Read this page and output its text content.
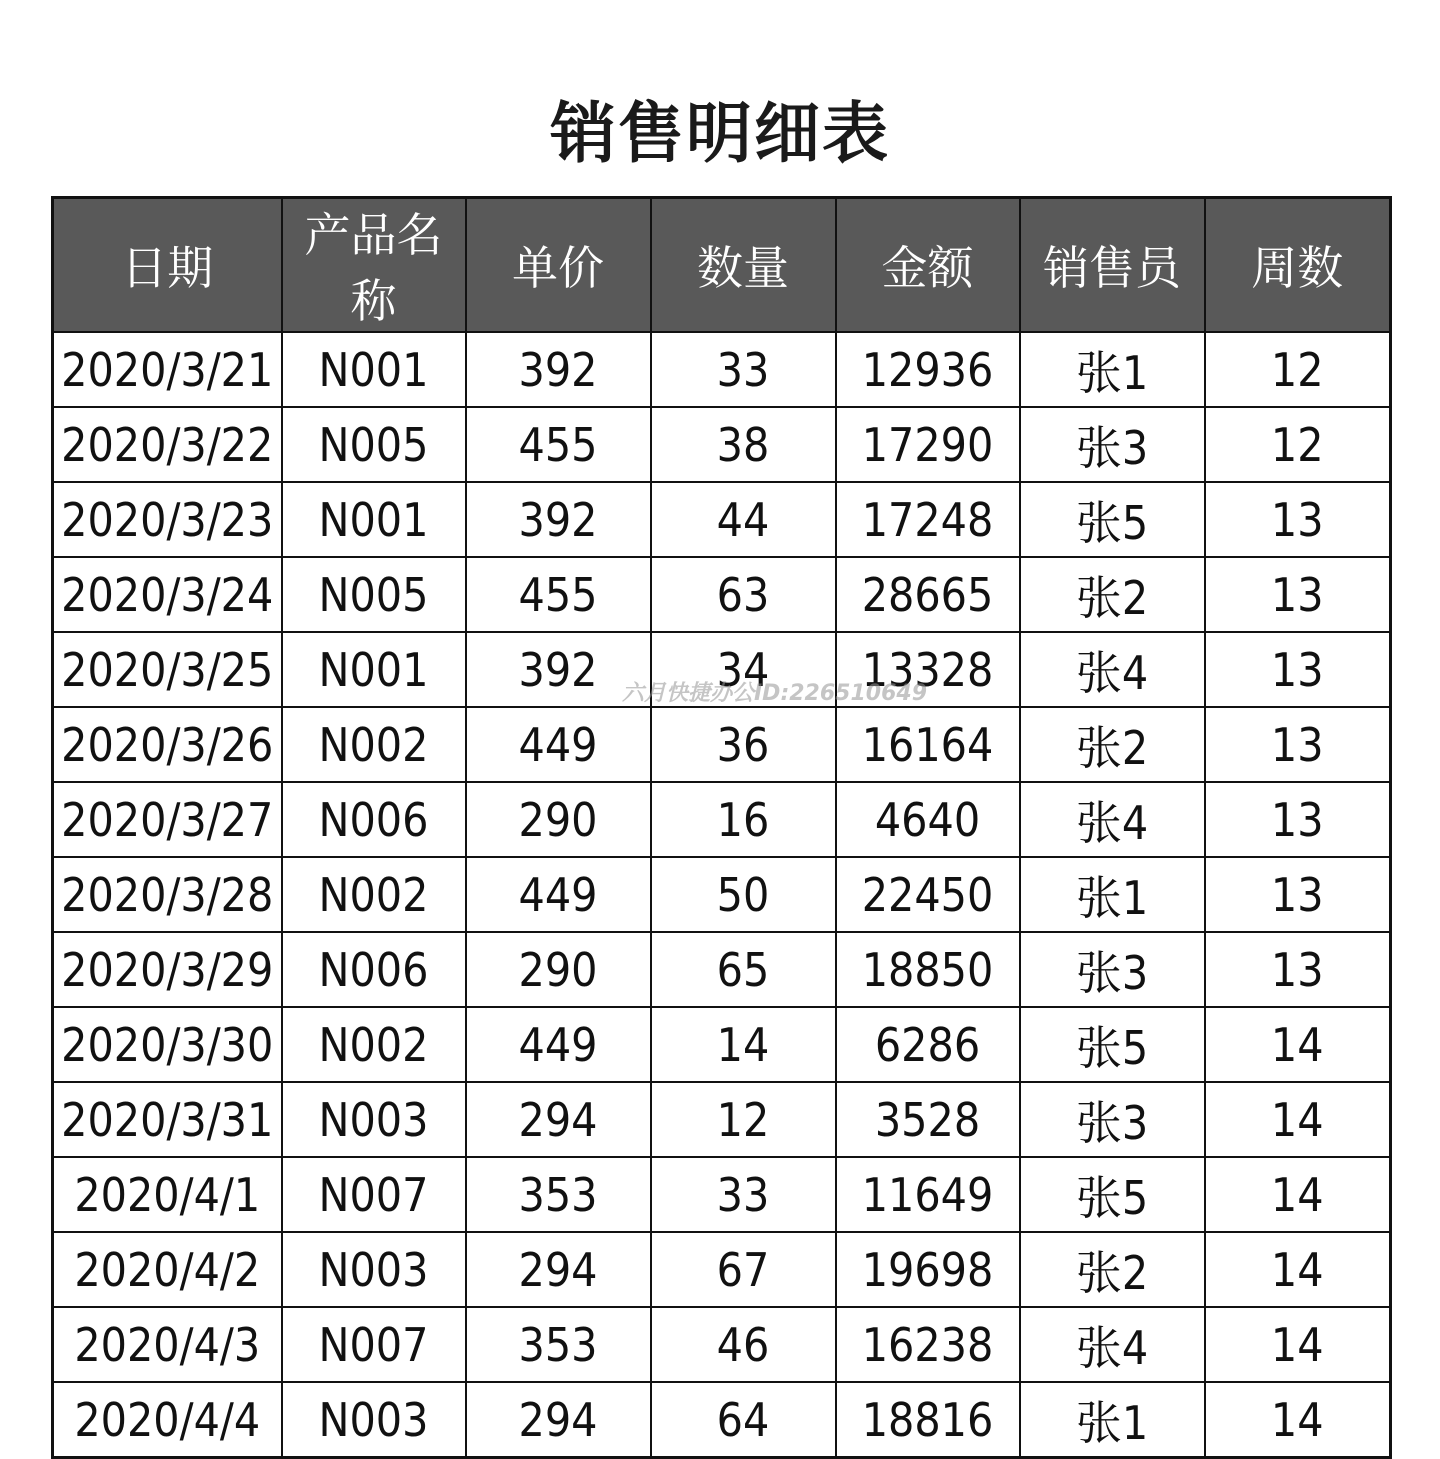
销售明细表
日期	产品名称	单价	数量	金额	销售员	周数
2020/3/21	N001	392	33	12936	张1	12
2020/3/22	N005	455	38	17290	张3	12
2020/3/23	N001	392	44	17248	张5	13
2020/3/24	N005	455	63	28665	张2	13
2020/3/25	N001	392	34	13328	张4	13
2020/3/26	N002	449	36	16164	张2	13
2020/3/27	N006	290	16	4640	张4	13
2020/3/28	N002	449	50	22450	张1	13
2020/3/29	N006	290	65	18850	张3	13
2020/3/30	N002	449	14	6286	张5	14
2020/3/31	N003	294	12	3528	张3	14
2020/4/1	N007	353	33	11649	张5	14
2020/4/2	N003	294	67	19698	张2	14
2020/4/3	N007	353	46	16238	张4	14
2020/4/4	N003	294	64	18816	张1	14
六月快捷办公ID:226510649
